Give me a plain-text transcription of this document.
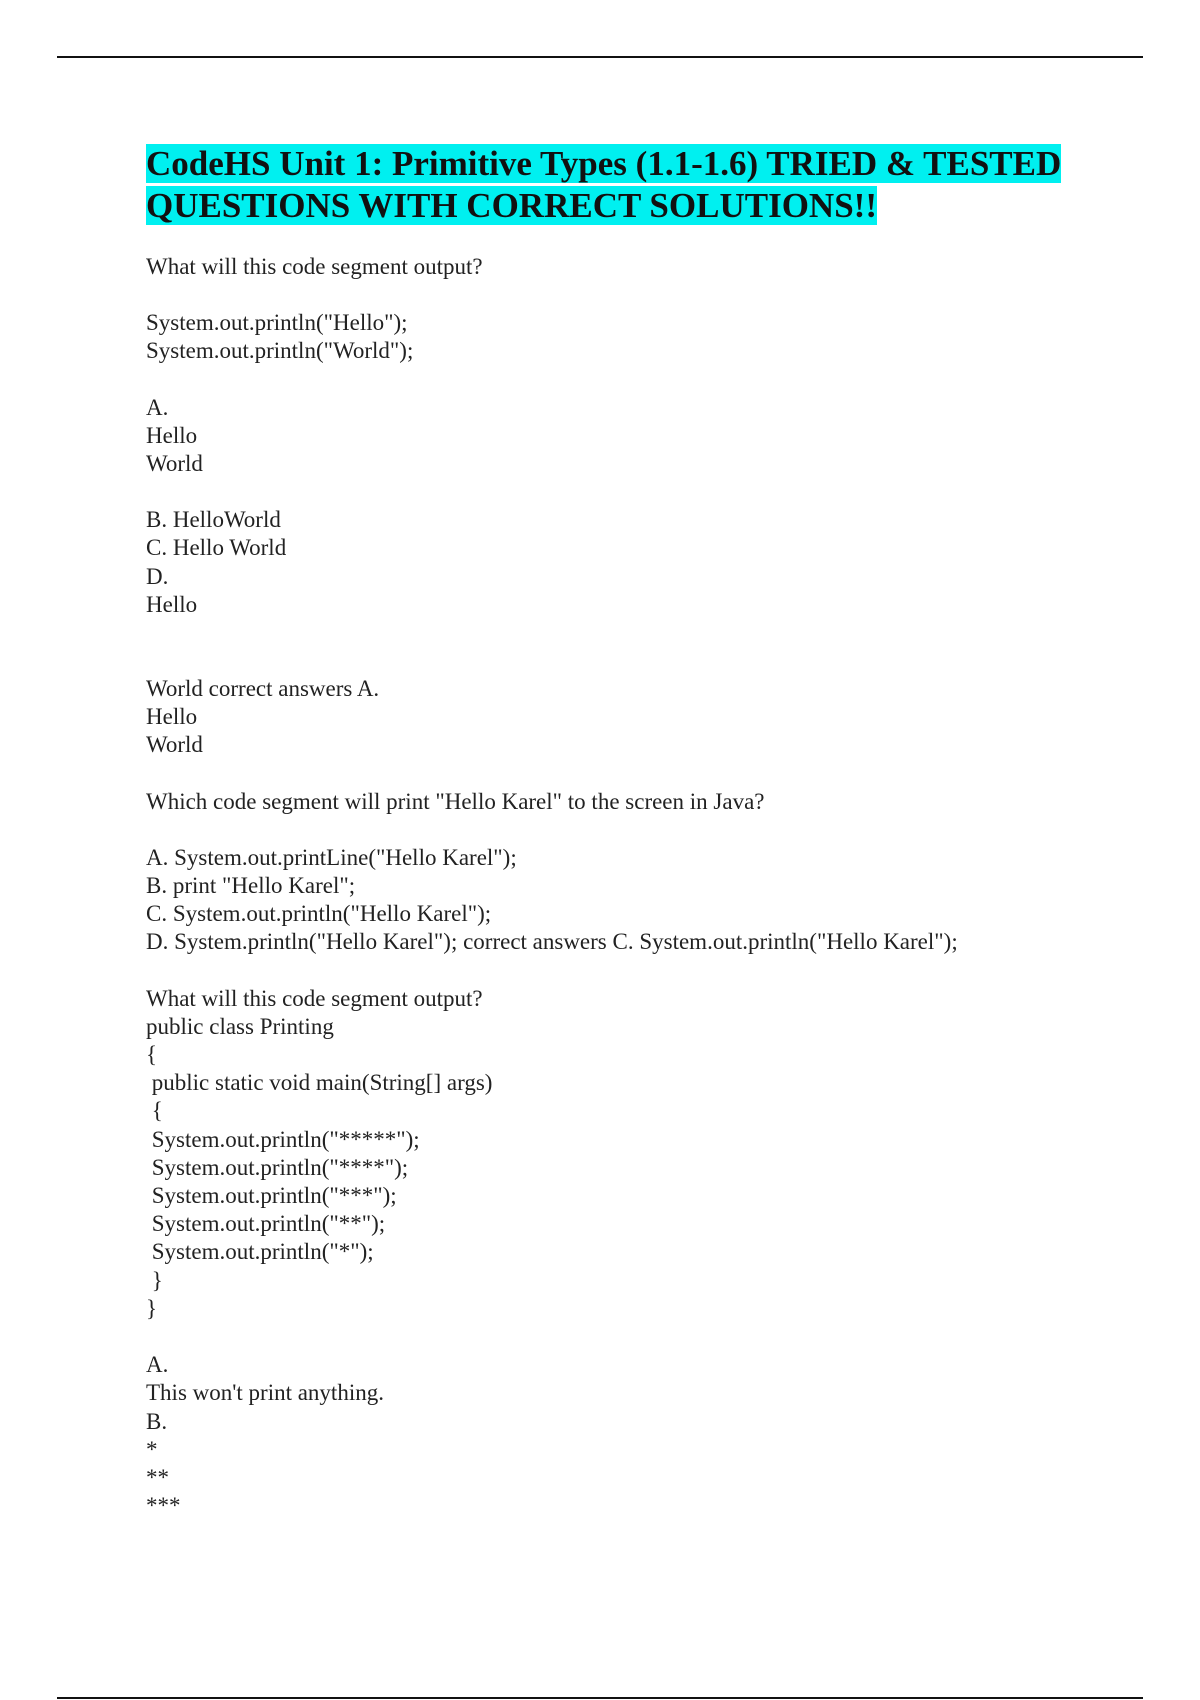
CodeHS Unit 1: Primitive Types (1.1-1.6) TRIED & TESTED QUESTIONS WITH CORRECT SOLUTIONS!!
What will this code segment output?
System.out.println("Hello");
System.out.println("World");
A.
Hello
World
B. HelloWorld
C. Hello World
D.
Hello
World correct answers A.
Hello
World
Which code segment will print "Hello Karel" to the screen in Java?
A. System.out.printLine("Hello Karel");
B. print "Hello Karel";
C. System.out.println("Hello Karel");
D. System.println("Hello Karel"); correct answers C. System.out.println("Hello Karel");
What will this code segment output?
public class Printing
{
public static void main(String[] args)
{
System.out.println("*****");
System.out.println("****");
System.out.println("***");
System.out.println("**");
System.out.println("*");
}
}
A.
This won't print anything.
B.
*
**
***
